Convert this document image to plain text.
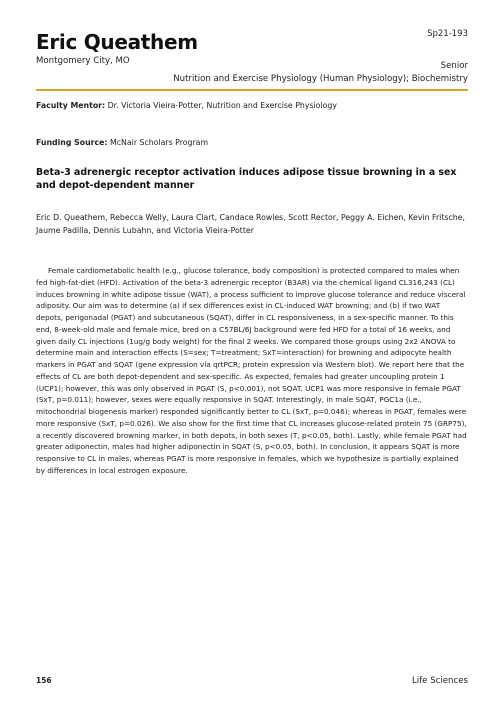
Eric Queathem	Sp21-193
Montgomery City, MO	Senior
Nutrition and Exercise Physiology (Human Physiology); Biochemistry
Faculty Mentor: Dr. Victoria Vieira-Potter, Nutrition and Exercise Physiology
Funding Source: McNair Scholars Program
Beta-3 adrenergic receptor activation induces adipose tissue browning in a sex and depot-dependent manner

Eric D. Queathem, Rebecca Welly, Laura Clart, Candace Rowles, Scott Rector, Peggy A. Eichen, Kevin Fritsche, Jaume Padilla, Dennis Lubahn, and Victoria Vieira-Potter

Female cardiometabolic health (e.g., glucose tolerance, body composition) is protected compared to males when fed high-fat-diet (HFD). Activation of the beta-3 adrenergic receptor (B3AR) via the chemical ligand CL316,243 (CL) induces browning in white adipose tissue (WAT), a process sufficient to improve glucose tolerance and reduce visceral adiposity. Our aim was to determine (a) if sex differences exist in CL-induced WAT browning; and (b) if two WAT depots, perigonadal (PGAT) and subcutaneous (SQAT), differ in CL responsiveness, in a sex-specific manner. To this end, 8-week-old male and female mice, bred on a C57BL/6J background were fed HFD for a total of 16 weeks, and given daily CL injections (1ug/g body weight) for the final 2 weeks. We compared those groups using 2x2 ANOVA to determine main and interaction effects (S=sex; T=treatment; SxT=interaction) for browning and adipocyte health markers in PGAT and SQAT (gene expression via qrtPCR; protein expression via Western blot). We report here that the effects of CL are both depot-dependent and sex-specific. As expected, females had greater uncoupling protein 1 (UCP1); however, this was only observed in PGAT (S, p<0.001), not SQAT. UCP1 was more responsive in female PGAT (SxT, p=0.011); however, sexes were equally responsive in SQAT. Interestingly, in male SQAT, PGC1a (i.e., mitochondrial biogenesis marker) responded significantly better to CL (SxT, p=0.046); whereas in PGAT, females were more responsive (SxT, p=0.026). We also show for the first time that CL increases glucose-related protein 75 (GRP75), a recently discovered browning marker, in both depots, in both sexes (T, p<0.05, both). Lastly, while female PGAT had greater adiponectin, males had higher adiponectin in SQAT (S, p<0.05, both). In conclusion, it appears SQAT is more responsive to CL in males, whereas PGAT is more responsive in females, which we hypothesize is partially explained by differences in local estrogen exposure.

156	Life Sciences
